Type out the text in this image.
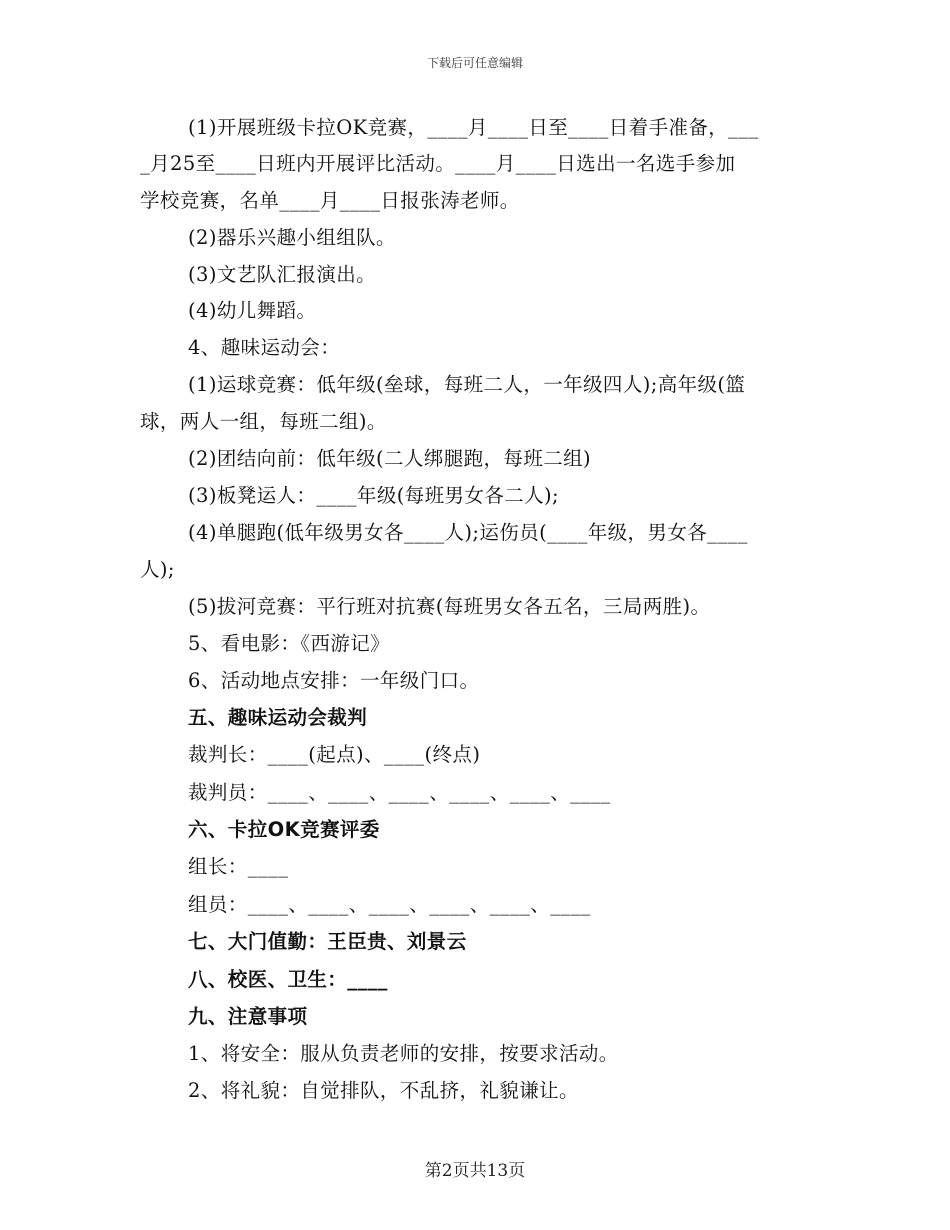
下载后可任意编辑
(1)开展班级卡拉OK竞赛，____月____日至____日着手准备，___
_月25至____日班内开展评比活动。____月____日选出一名选手参加
学校竞赛，名单____月____日报张涛老师。
(2)器乐兴趣小组组队。
(3)文艺队汇报演出。
(4)幼儿舞蹈。
4、趣味运动会：
(1)运球竞赛：低年级(垒球，每班二人，一年级四人);高年级(篮
球，两人一组，每班二组)。
(2)团结向前：低年级(二人绑腿跑，每班二组)
(3)板凳运人：____年级(每班男女各二人);
(4)单腿跑(低年级男女各____人);运伤员(____年级，男女各____
人);
(5)拔河竞赛：平行班对抗赛(每班男女各五名，三局两胜)。
5、看电影：《西游记》
6、活动地点安排：一年级门口。
五、趣味运动会裁判
裁判长：____(起点)、____(终点)
裁判员：____、____、____、____、____、____
六、卡拉OK竞赛评委
组长：____
组员：____、____、____、____、____、____
七、大门值勤：王臣贵、刘景云
八、校医、卫生：____
九、注意事项
1、将安全：服从负责老师的安排，按要求活动。
2、将礼貌：自觉排队，不乱挤，礼貌谦让。
第2页共13页
